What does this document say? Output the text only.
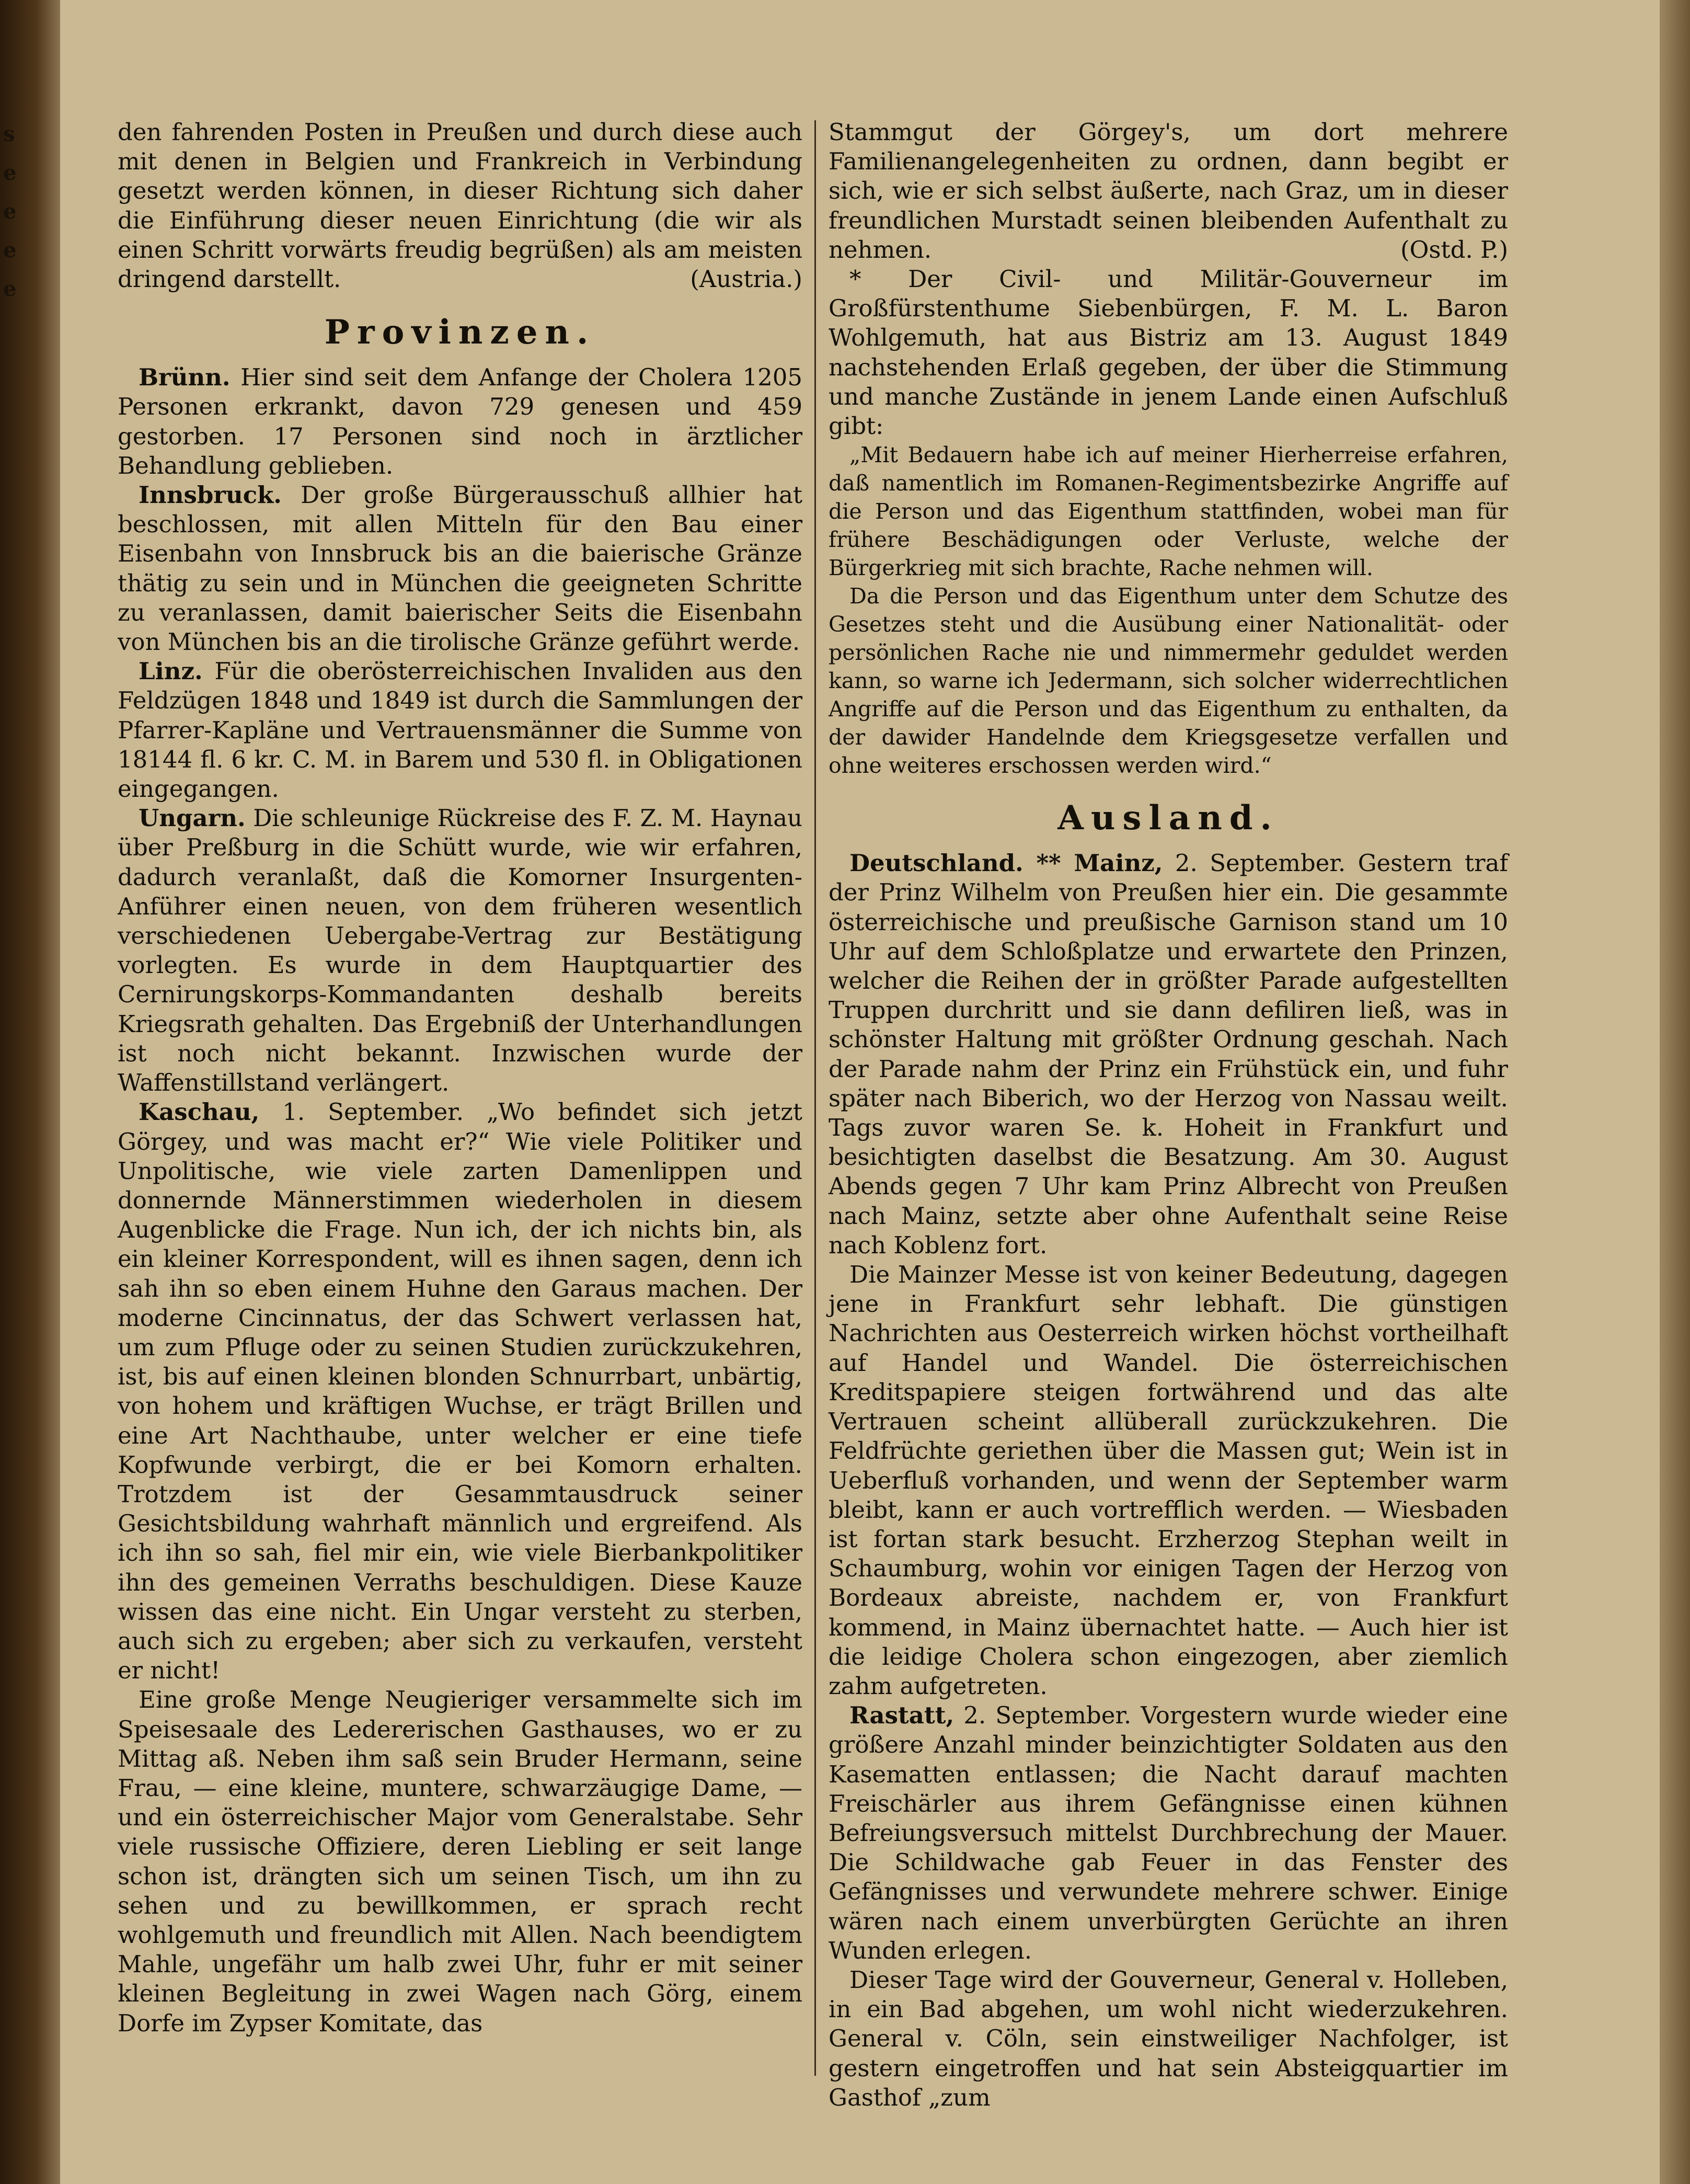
s
e
e
e
e

den fahrenden Posten in Preußen und durch diese auch mit denen in Belgien und Frankreich in Verbindung gesetzt werden können, in dieser Richtung sich daher die Einführung dieser neuen Einrichtung (die wir als einen Schritt vorwärts freudig begrüßen) als am meisten dringend darstellt.	(Austria.)

Provinzen.

Brünn. Hier sind seit dem Anfange der Cholera 1205 Personen erkrankt, davon 729 genesen und 459 gestorben. 17 Personen sind noch in ärztlicher Behandlung geblieben.

Innsbruck. Der große Bürgerausschuß allhier hat beschlossen, mit allen Mitteln für den Bau einer Eisenbahn von Innsbruck bis an die baierische Gränze thätig zu sein und in München die geeigneten Schritte zu veranlassen, damit baierischer Seits die Eisenbahn von München bis an die tirolische Gränze geführt werde.

Linz. Für die oberösterreichischen Invaliden aus den Feldzügen 1848 und 1849 ist durch die Sammlungen der Pfarrer-Kapläne und Vertrauensmänner die Summe von 18144 fl. 6 kr. C. M. in Barem und 530 fl. in Obligationen eingegangen.

Ungarn. Die schleunige Rückreise des F. Z. M. Haynau über Preßburg in die Schütt wurde, wie wir erfahren, dadurch veranlaßt, daß die Komorner Insurgenten-Anführer einen neuen, von dem früheren wesentlich verschiedenen Uebergabe-Vertrag zur Bestätigung vorlegten. Es wurde in dem Hauptquartier des Cernirungskorps-Kommandanten deshalb bereits Kriegsrath gehalten. Das Ergebniß der Unterhandlungen ist noch nicht bekannt. Inzwischen wurde der Waffenstillstand verlängert.

Kaschau, 1. September. „Wo befindet sich jetzt Görgey, und was macht er?“ Wie viele Politiker und Unpolitische, wie viele zarten Damenlippen und donnernde Männerstimmen wiederholen in diesem Augenblicke die Frage. Nun ich, der ich nichts bin, als ein kleiner Korrespondent, will es ihnen sagen, denn ich sah ihn so eben einem Huhne den Garaus machen. Der moderne Cincinnatus, der das Schwert verlassen hat, um zum Pfluge oder zu seinen Studien zurückzukehren, ist, bis auf einen kleinen blonden Schnurrbart, unbärtig, von hohem und kräftigen Wuchse, er trägt Brillen und eine Art Nachthaube, unter welcher er eine tiefe Kopfwunde verbirgt, die er bei Komorn erhalten. Trotzdem ist der Gesammtausdruck seiner Gesichtsbildung wahrhaft männlich und ergreifend. Als ich ihn so sah, fiel mir ein, wie viele Bierbankpolitiker ihn des gemeinen Verraths beschuldigen. Diese Kauze wissen das eine nicht. Ein Ungar versteht zu sterben, auch sich zu ergeben; aber sich zu verkaufen, versteht er nicht!

Eine große Menge Neugieriger versammelte sich im Speisesaale des Ledererischen Gasthauses, wo er zu Mittag aß. Neben ihm saß sein Bruder Hermann, seine Frau, — eine kleine, muntere, schwarzäugige Dame, — und ein österreichischer Major vom Generalstabe. Sehr viele russische Offiziere, deren Liebling er seit lange schon ist, drängten sich um seinen Tisch, um ihn zu sehen und zu bewillkommen, er sprach recht wohlgemuth und freundlich mit Allen. Nach beendigtem Mahle, ungefähr um halb zwei Uhr, fuhr er mit seiner kleinen Begleitung in zwei Wagen nach Görg, einem Dorfe im Zypser Komitate, das

Stammgut der Görgey's, um dort mehrere Familienangelegenheiten zu ordnen, dann begibt er sich, wie er sich selbst äußerte, nach Graz, um in dieser freundlichen Murstadt seinen bleibenden Aufenthalt zu nehmen.	(Ostd. P.)

* Der Civil- und Militär-Gouverneur im Großfürstenthume Siebenbürgen, F. M. L. Baron Wohlgemuth, hat aus Bistriz am 13. August 1849 nachstehenden Erlaß gegeben, der über die Stimmung und manche Zustände in jenem Lande einen Aufschluß gibt:

„Mit Bedauern habe ich auf meiner Hierherreise erfahren, daß namentlich im Romanen-Regimentsbezirke Angriffe auf die Person und das Eigenthum stattfinden, wobei man für frühere Beschädigungen oder Verluste, welche der Bürgerkrieg mit sich brachte, Rache nehmen will.

Da die Person und das Eigenthum unter dem Schutze des Gesetzes steht und die Ausübung einer Nationalität- oder persönlichen Rache nie und nimmermehr geduldet werden kann, so warne ich Jedermann, sich solcher widerrechtlichen Angriffe auf die Person und das Eigenthum zu enthalten, da der dawider Handelnde dem Kriegsgesetze verfallen und ohne weiteres erschossen werden wird.“

Ausland.

Deutschland. ** Mainz, 2. September. Gestern traf der Prinz Wilhelm von Preußen hier ein. Die gesammte österreichische und preußische Garnison stand um 10 Uhr auf dem Schloßplatze und erwartete den Prinzen, welcher die Reihen der in größter Parade aufgestellten Truppen durchritt und sie dann defiliren ließ, was in schönster Haltung mit größter Ordnung geschah. Nach der Parade nahm der Prinz ein Frühstück ein, und fuhr später nach Biberich, wo der Herzog von Nassau weilt. Tags zuvor waren Se. k. Hoheit in Frankfurt und besichtigten daselbst die Besatzung. Am 30. August Abends gegen 7 Uhr kam Prinz Albrecht von Preußen nach Mainz, setzte aber ohne Aufenthalt seine Reise nach Koblenz fort.

Die Mainzer Messe ist von keiner Bedeutung, dagegen jene in Frankfurt sehr lebhaft. Die günstigen Nachrichten aus Oesterreich wirken höchst vortheilhaft auf Handel und Wandel. Die österreichischen Kreditspapiere steigen fortwährend und das alte Vertrauen scheint allüberall zurückzukehren. Die Feldfrüchte geriethen über die Massen gut; Wein ist in Ueberfluß vorhanden, und wenn der September warm bleibt, kann er auch vortrefflich werden. — Wiesbaden ist fortan stark besucht. Erzherzog Stephan weilt in Schaumburg, wohin vor einigen Tagen der Herzog von Bordeaux abreiste, nachdem er, von Frankfurt kommend, in Mainz übernachtet hatte. — Auch hier ist die leidige Cholera schon eingezogen, aber ziemlich zahm aufgetreten.

Rastatt, 2. September. Vorgestern wurde wieder eine größere Anzahl minder beinzichtigter Soldaten aus den Kasematten entlassen; die Nacht darauf machten Freischärler aus ihrem Gefängnisse einen kühnen Befreiungsversuch mittelst Durchbrechung der Mauer. Die Schildwache gab Feuer in das Fenster des Gefängnisses und verwundete mehrere schwer. Einige wären nach einem unverbürgten Gerüchte an ihren Wunden erlegen.

Dieser Tage wird der Gouverneur, General v. Holleben, in ein Bad abgehen, um wohl nicht wiederzukehren. General v. Cöln, sein einstweiliger Nachfolger, ist gestern eingetroffen und hat sein Absteigquartier im Gasthof „zum
